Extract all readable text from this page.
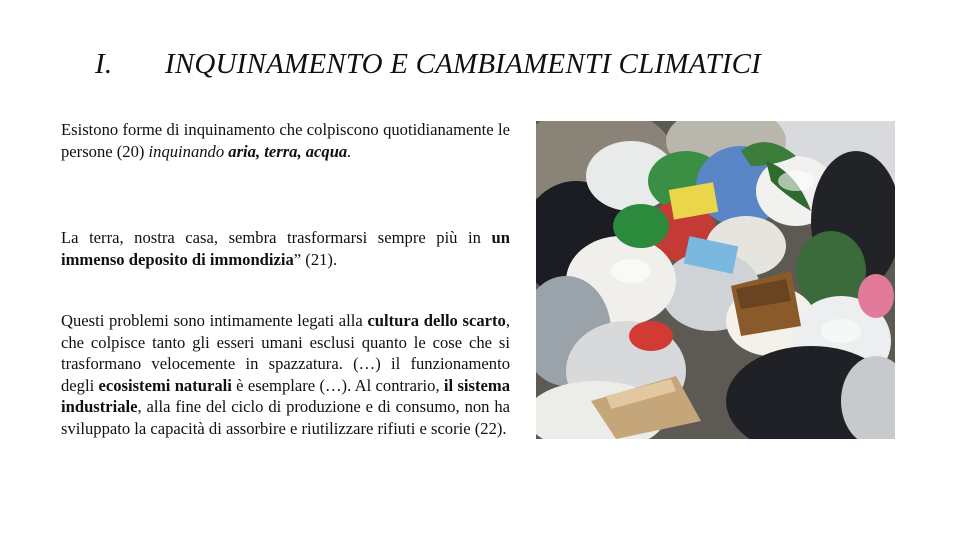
I. INQUINAMENTO E CAMBIAMENTI CLIMATICI

Esistono forme di inquinamento che colpiscono quotidianamente le persone (20) inquinando aria, terra, acqua.

La terra, nostra casa, sembra trasformarsi sempre più in un immenso deposito di immondizia” (21).

Questi problemi sono intimamente legati alla cultura dello scarto, che colpisce tanto gli esseri umani esclusi quanto le cose che si trasformano velocemente in spazzatura. (…) il funzionamento degli ecosistemi naturali è esemplare (…). Al contrario, il sistema industriale, alla fine del ciclo di produzione e di consumo, non ha sviluppato la capacità di assorbire e riutilizzare rifiuti e scorie (22).
